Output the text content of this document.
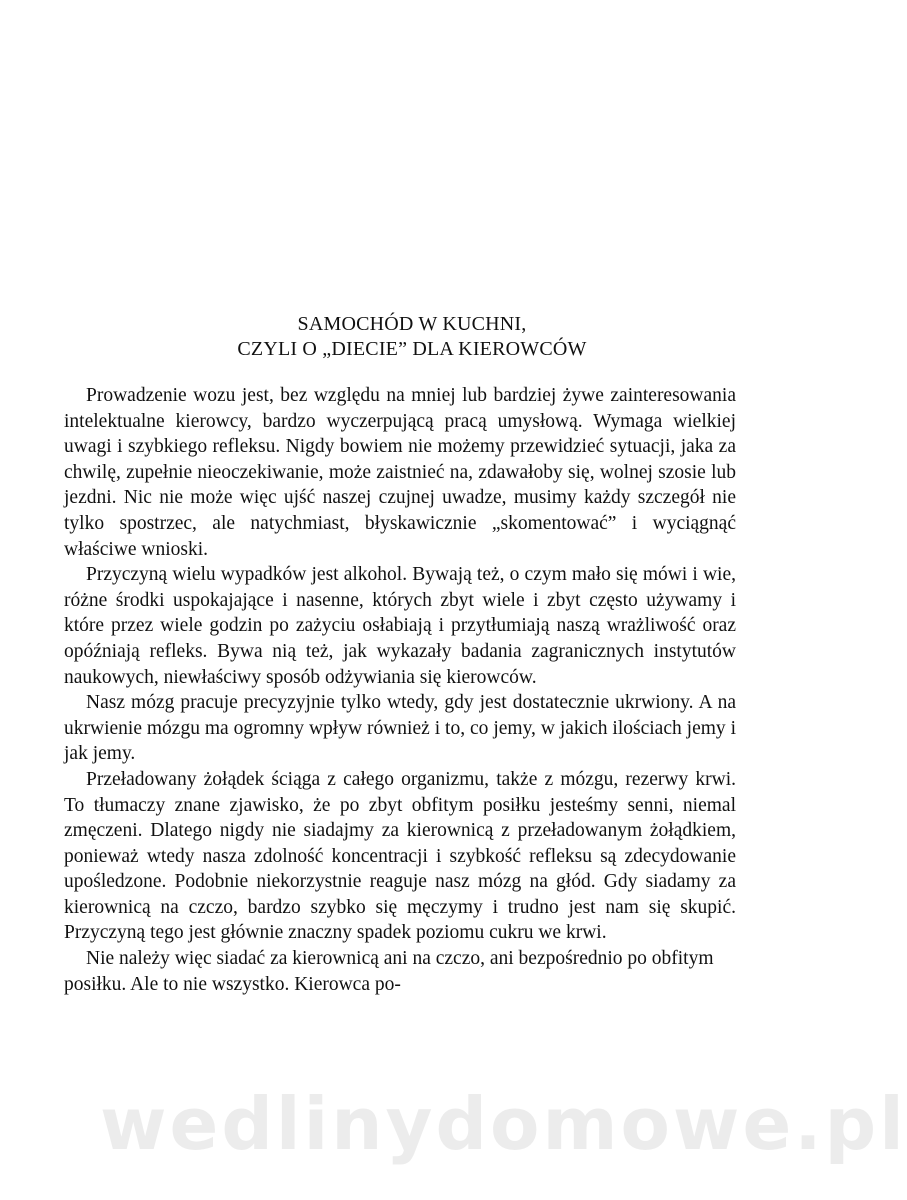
SAMOCHÓD W KUCHNI,
CZYLI O „DIECIE” DLA KIEROWCÓW

Prowadzenie wozu jest, bez względu na mniej lub bardziej żywe zainteresowania intelektualne kierowcy, bardzo wyczerpującą pracą umysłową. Wymaga wielkiej uwagi i szybkiego refleksu. Nigdy bowiem nie możemy przewidzieć sytuacji, jaka za chwilę, zupełnie nieoczekiwanie, może zaistnieć na, zdawałoby się, wolnej szosie lub jezdni. Nic nie może więc ujść naszej czujnej uwadze, musimy każdy szczegół nie tylko spostrzec, ale natychmiast, błyskawicznie „skomentować” i wyciągnąć właściwe wnioski.

Przyczyną wielu wypadków jest alkohol. Bywają też, o czym mało się mówi i wie, różne środki uspokajające i nasenne, których zbyt wiele i zbyt często używamy i które przez wiele godzin po zażyciu osłabiają i przytłumiają naszą wrażliwość oraz opóźniają refleks. Bywa nią też, jak wykazały badania zagranicznych instytutów naukowych, niewłaściwy sposób odżywiania się kierowców.

Nasz mózg pracuje precyzyjnie tylko wtedy, gdy jest dostatecznie ukrwiony. A na ukrwienie mózgu ma ogromny wpływ również i to, co jemy, w jakich ilościach jemy i jak jemy.

Przeładowany żołądek ściąga z całego organizmu, także z mózgu, rezerwy krwi. To tłumaczy znane zjawisko, że po zbyt obfitym posiłku jesteśmy senni, niemal zmęczeni. Dlatego nigdy nie siadajmy za kierownicą z przeładowanym żołądkiem, ponieważ wtedy nasza zdolność koncentracji i szybkość refleksu są zdecydowanie upośledzone. Podobnie niekorzystnie reaguje nasz mózg na głód. Gdy siadamy za kierownicą na czczo, bardzo szybko się męczymy i trudno jest nam się skupić. Przyczyną tego jest głównie znaczny spadek poziomu cukru we krwi.

Nie należy więc siadać za kierownicą ani na czczo, ani bezpośrednio po obfitym posiłku. Ale to nie wszystko. Kierowca po-

wedlinydomowe.pl
